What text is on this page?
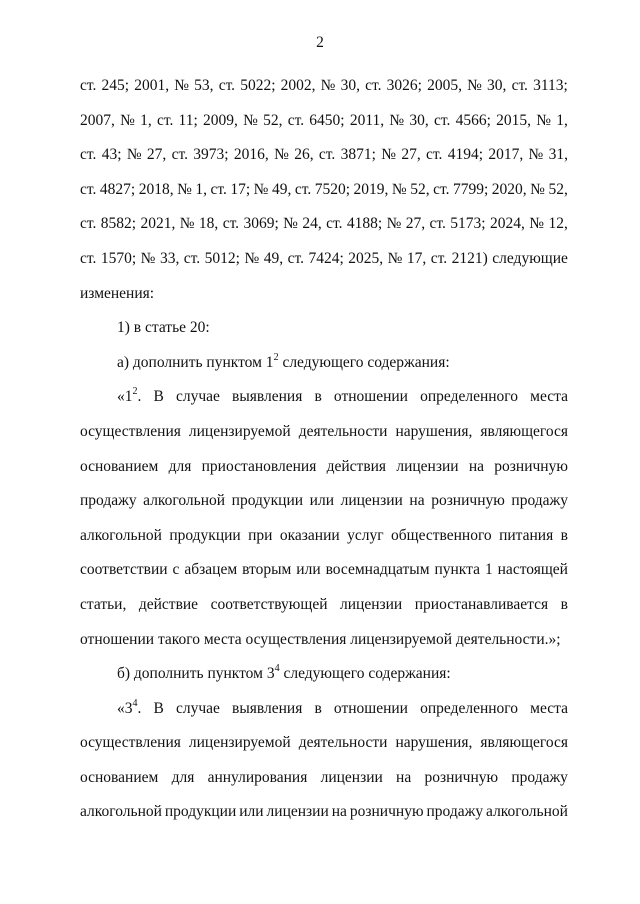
2
ст. 245; 2001, № 53, ст. 5022; 2002, № 30, ст. 3026; 2005, № 30, ст. 3113;
2007, № 1, ст. 11; 2009, № 52, ст. 6450; 2011, № 30, ст. 4566; 2015, № 1,
ст. 43; № 27, ст. 3973; 2016, № 26, ст. 3871; № 27, ст. 4194; 2017, № 31,
ст. 4827; 2018, № 1, ст. 17; № 49, ст. 7520; 2019, № 52, ст. 7799; 2020, № 52,
ст. 8582; 2021, № 18, ст. 3069; № 24, ст. 4188; № 27, ст. 5173; 2024, № 12,
ст. 1570; № 33, ст. 5012; № 49, ст. 7424; 2025, № 17, ст. 2121) следующие
изменения:
1) в статье 20:
а) дополнить пунктом $1^2$ следующего содержания:
«$1^2$. В случае выявления в отношении определенного места
осуществления лицензируемой деятельности нарушения, являющегося
основанием для приостановления действия лицензии на розничную
продажу алкогольной продукции или лицензии на розничную продажу
алкогольной продукции при оказании услуг общественного питания в
соответствии с абзацем вторым или восемнадцатым пункта 1 настоящей
статьи, действие соответствующей лицензии приостанавливается в
отношении такого места осуществления лицензируемой деятельности.»;
б) дополнить пунктом $3^4$ следующего содержания:
«$3^4$. В случае выявления в отношении определенного места
осуществления лицензируемой деятельности нарушения, являющегося
основанием для аннулирования лицензии на розничную продажу
алкогольной продукции или лицензии на розничную продажу алкогольной
